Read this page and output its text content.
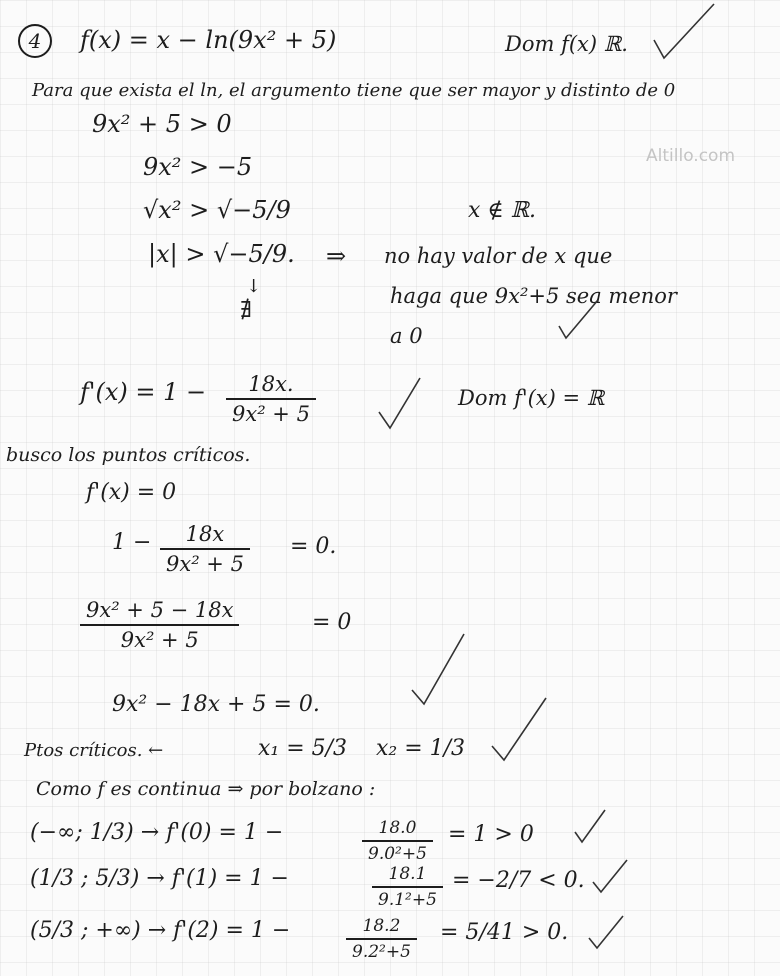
Altillo.com
4	f(x) = x − ln(9x² + 5)	Dom f(x) ℝ.
Para que exista el ln, el argumento tiene que ser mayor y distinto de 0
9x² + 5 > 0
9x² > −5
√x² > √−5/9
|x| > √−5/9.
↓
∄
x ∉ ℝ.
⇒ no hay valor de x que
haga que 9x²+5 sea menor
a 0
$f'(x) = 1 - \frac{18x.}{\text{9x² + 5}}$	Dom f'(x) = ℝ
busco los puntos críticos.
f'(x) = 0
$1 - \frac{18x}{\text{9x² + 5}} = 0$.
$\frac{\text{9x² + 5 − 18x}}{\text{9x² + 5}}$	= 0
9x² − 18x + 5 = 0.
Ptos críticos. ←	x₁ = 5/3 x₂ = 1/3
Como f es continua ⇒ por bolzano :
(−∞; 1/3) → f'(0) = 1 −	$\frac{18.0}{\text{9.0²+5}} = 1 > 0$
(1/3 ; 5/3) → f'(1) = 1 −	$\frac{18.1}{\text{9.1²+5}} = -2/7 < 0$.
(5/3 ; +∞) → f'(2) = 1 −	$\frac{18.2}{\text{9.2²+5}} = 5/41 > 0$.
